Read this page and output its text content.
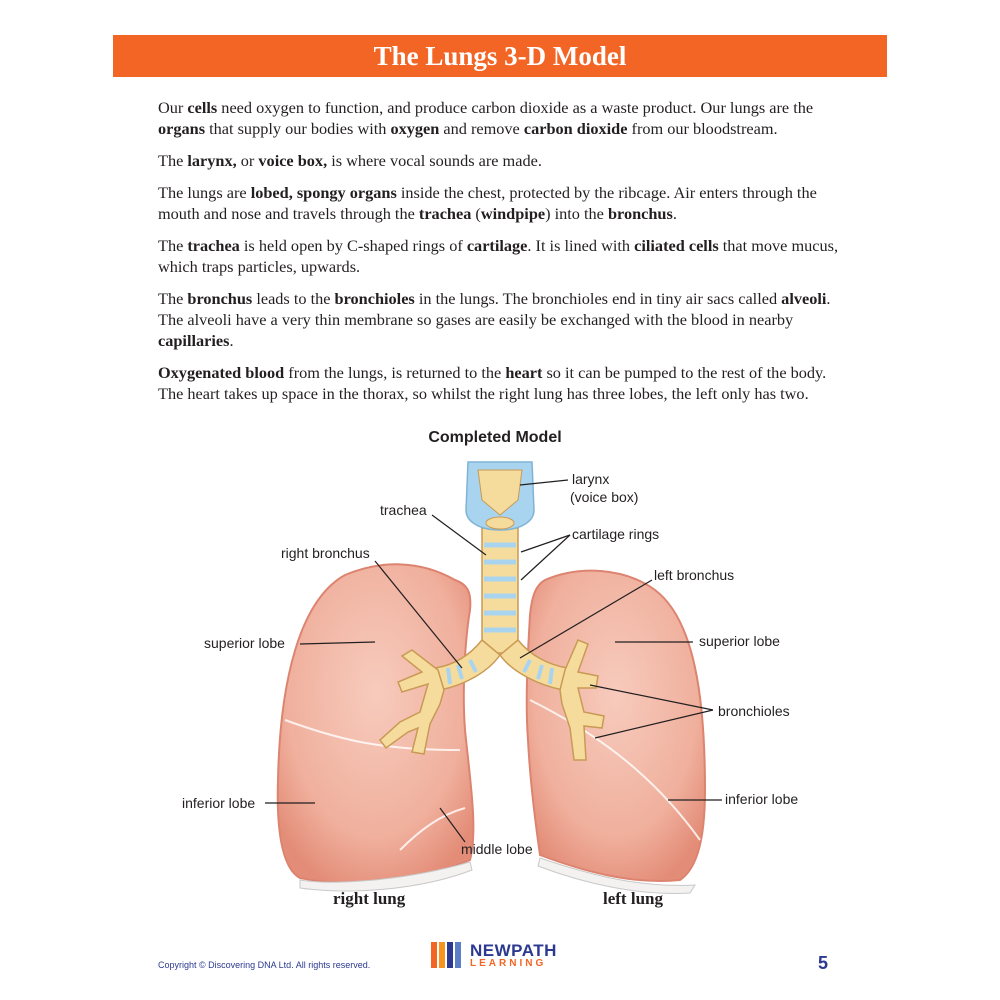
The Lungs 3-D Model

Our cells need oxygen to function, and produce carbon dioxide as a waste product. Our lungs are the organs that supply our bodies with oxygen and remove carbon dioxide from our bloodstream.

The larynx, or voice box, is where vocal sounds are made.

The lungs are lobed, spongy organs inside the chest, protected by the ribcage. Air enters through the mouth and nose and travels through the trachea (windpipe) into the bronchus.

The trachea is held open by C-shaped rings of cartilage. It is lined with ciliated cells that move mucus, which traps particles, upwards.

The bronchus leads to the bronchioles in the lungs. The bronchioles end in tiny air sacs called alveoli. The alveoli have a very thin membrane so gases are easily be exchanged with the blood in nearby capillaries.

Oxygenated blood from the lungs, is returned to the heart so it can be pumped to the rest of the body. The heart takes up space in the thorax, so whilst the right lung has three lobes, the left only has two.

Completed Model
larynx
(voice box)
trachea
cartilage rings
right bronchus
left bronchus
superior lobe	superior lobe
bronchioles
inferior lobe	inferior lobe
middle lobe
right lung	left lung
Copyright © Discovering DNA Ltd. All rights reserved.
NEWPATH
LEARNING	5
